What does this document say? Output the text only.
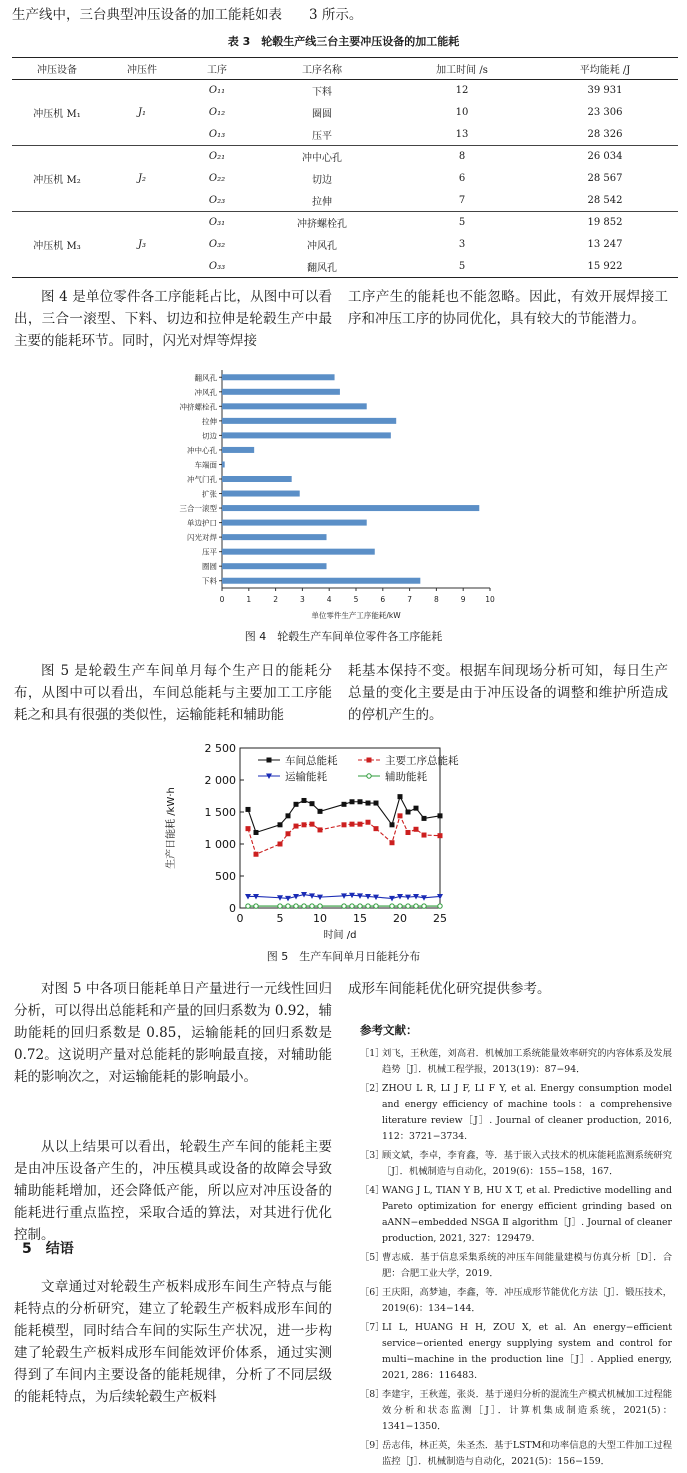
生产线中，三台典型冲压设备的加工能耗如表　　3 所示。

表 3　轮毂生产线三台主要冲压设备的加工能耗
冲压设备	冲压件	工序	工序名称	加工时间 /s	平均能耗 /J
冲压机 M₁	J₁	O₁₁	下料	12	39 931
		O₁₂	圈圆	10	23 306
		O₁₃	压平	13	28 326
冲压机 M₂	J₂	O₂₁	冲中心孔	8	26 034
		O₂₂	切边	6	28 567
		O₂₃	拉伸	7	28 542
冲压机 M₃	J₃	O₃₁	冲挤螺栓孔	5	19 852
		O₃₂	冲风孔	3	13 247
		O₃₃	翻风孔	5	15 922

图 4 是单位零件各工序能耗占比，从图中可以看出，三合一滚型、下料、切边和拉伸是轮毂生产中最主要的能耗环节。同时，闪光对焊等焊接

工序产生的能耗也不能忽略。因此，有效开展焊接工序和冲压工序的协同优化，具有较大的节能潜力。

翻风孔
冲风孔
冲挤螺栓孔
拉伸
切边
冲中心孔
车端面
冲气门孔
扩张
三合一滚型
单边护口
闪光对焊
压平
圈圆
下料
0	1	2	3	4	5	6	7	8	9	10
单位零件生产工序能耗/kW
图 4　轮毂生产车间单位零件各工序能耗

图 5 是轮毂生产车间单月每个生产日的能耗分布，从图中可以看出，车间总能耗与主要加工工序能耗之和具有很强的类似性，运输能耗和辅助能

耗基本保持不变。根据车间现场分析可知，每日生产总量的变化主要是由于冲压设备的调整和维护所造成的停机产生的。

0
500
1 000
1 500
2 000
2 500
0	5	10 15 20 25
时间 /d
生产日能耗 /kW·h
车间总能耗	主要工序总能耗
运输能耗	辅助能耗
图 5　生产车间单月日能耗分布

对图 5 中各项日能耗单日产量进行一元线性回归分析，可以得出总能耗和产量的回归系数为 0.92，辅助能耗的回归系数是 0.85，运输能耗的回归系数是 0.72。这说明产量对总能耗的影响最直接，对辅助能耗的影响次之，对运输能耗的影响最小。

从以上结果可以看出，轮毂生产车间的能耗主要是由冲压设备产生的，冲压模具或设备的故障会导致辅助能耗增加，还会降低产能，所以应对冲压设备的能耗进行重点监控，采取合适的算法，对其进行优化控制。

5　结语

文章通过对轮毂生产板料成形车间生产特点与能耗特点的分析研究，建立了轮毂生产板料成形车间的能耗模型，同时结合车间的实际生产状况，进一步构建了轮毂生产板料成形车间能效评价体系，通过实测得到了车间内主要设备的能耗规律，分析了不同层级的能耗特点，为后续轮毂生产板料

成形车间能耗优化研究提供参考。

参考文献：
［1］
刘飞，王秋莲，刘高君．机械加工系统能量效率研究的内容体系及发展趋势［J］．机械工程学报，2013(19)：87−94．
［2］
ZHOU L R, LI J F, LI F Y, et al. Energy consumption model and energy efficiency of machine tools：a comprehensive literature review［J］. Journal of cleaner production, 2016, 112：3721−3734.
［3］
顾文斌，李卓，李育鑫，等．基于嵌入式技术的机床能耗监测系统研究［J］．机械制造与自动化，2019(6)：155−158，167．
［4］
WANG J L, TIAN Y B, HU X T, et al. Predictive modelling and Pareto optimization for energy efficient grinding based on aANN−embedded NSGA Ⅱ algorithm［J］. Journal of cleaner production, 2021, 327：129479.
［5］
曹志威．基于信息采集系统的冲压车间能量建模与仿真分析［D］．合肥：合肥工业大学，2019．
［6］
王庆阳，高梦迪，李鑫，等．冲压成形节能优化方法［J］．锻压技术，2019(6)：134−144．
［7］
LI L, HUANG H H, ZOU X, et al. An energy−efficient service−oriented energy supplying system and control for multi−machine in the production line［J］. Applied energy, 2021, 286：116483.
［8］
李建宇，王秋莲，张炎．基于递归分析的混流生产模式机械加工过程能效分析和状态监测［J］．计算机集成制造系统，2021(5)：1341−1350．
［9］
岳志伟，林正英，朱圣杰．基于LSTM和功率信息的大型工件加工过程监控［J］．机械制造与自动化，2021(5)：156−159．
